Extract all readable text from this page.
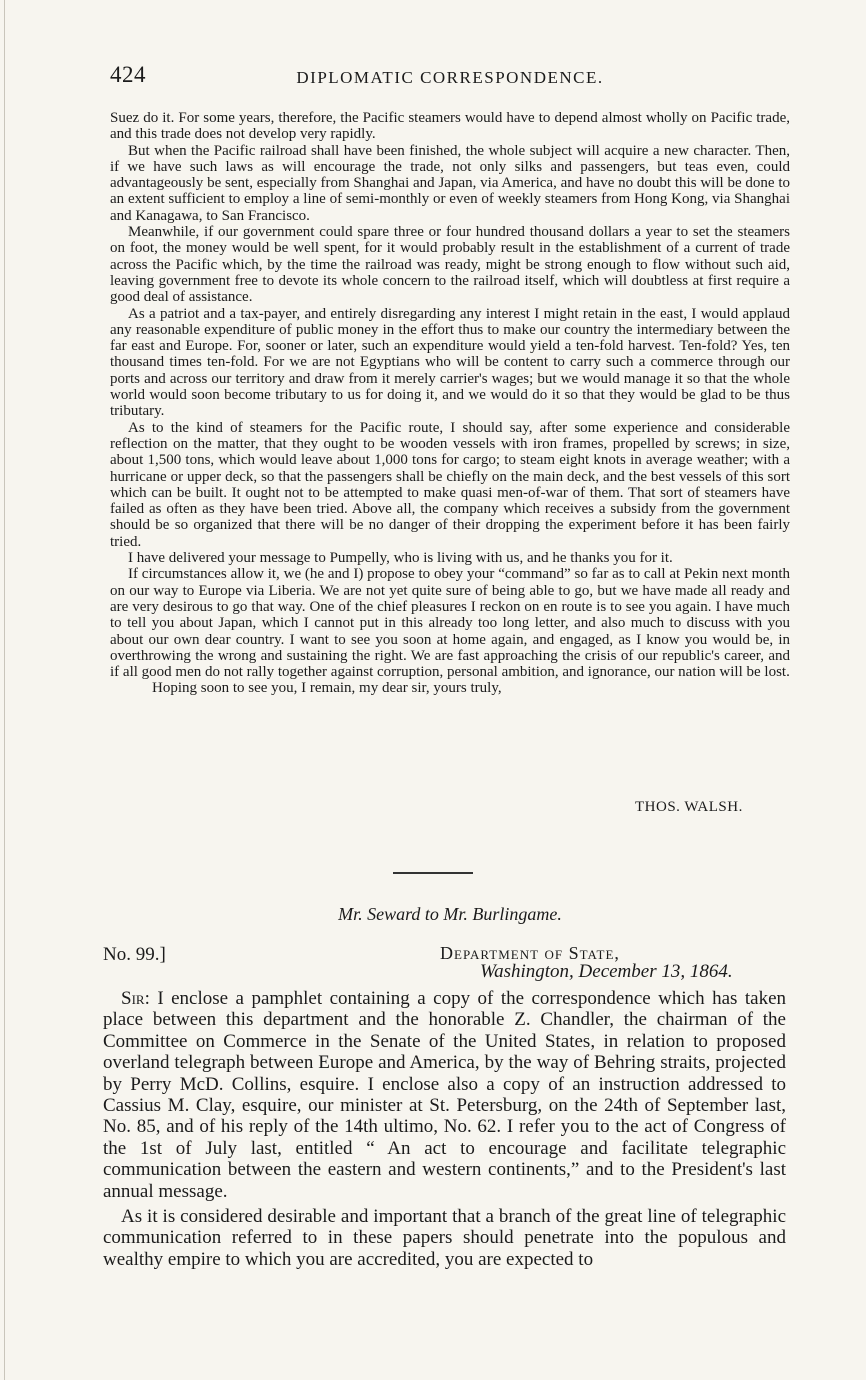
424	DIPLOMATIC CORRESPONDENCE.

Suez do it. For some years, therefore, the Pacific steamers would have to depend almost wholly on Pacific trade, and this trade does not develop very rapidly.

But when the Pacific railroad shall have been finished, the whole subject will acquire a new character. Then, if we have such laws as will encourage the trade, not only silks and passengers, but teas even, could advantageously be sent, especially from Shanghai and Japan, via America, and have no doubt this will be done to an extent sufficient to employ a line of semi-monthly or even of weekly steamers from Hong Kong, via Shanghai and Kanagawa, to San Francisco.

Meanwhile, if our government could spare three or four hundred thousand dollars a year to set the steamers on foot, the money would be well spent, for it would probably result in the establishment of a current of trade across the Pacific which, by the time the railroad was ready, might be strong enough to flow without such aid, leaving government free to devote its whole concern to the railroad itself, which will doubtless at first require a good deal of assistance.

As a patriot and a tax-payer, and entirely disregarding any interest I might retain in the east, I would applaud any reasonable expenditure of public money in the effort thus to make our country the intermediary between the far east and Europe. For, sooner or later, such an expenditure would yield a ten-fold harvest. Ten-fold? Yes, ten thousand times ten-fold. For we are not Egyptians who will be content to carry such a commerce through our ports and across our territory and draw from it merely carrier's wages; but we would manage it so that the whole world would soon become tributary to us for doing it, and we would do it so that they would be glad to be thus tributary.

As to the kind of steamers for the Pacific route, I should say, after some experience and considerable reflection on the matter, that they ought to be wooden vessels with iron frames, propelled by screws; in size, about 1,500 tons, which would leave about 1,000 tons for cargo; to steam eight knots in average weather; with a hurricane or upper deck, so that the passengers shall be chiefly on the main deck, and the best vessels of this sort which can be built. It ought not to be attempted to make quasi men-of-war of them. That sort of steamers have failed as often as they have been tried. Above all, the company which receives a subsidy from the government should be so organized that there will be no danger of their dropping the experiment before it has been fairly tried.

I have delivered your message to Pumpelly, who is living with us, and he thanks you for it.

If circumstances allow it, we (he and I) propose to obey your “command” so far as to call at Pekin next month on our way to Europe via Liberia. We are not yet quite sure of being able to go, but we have made all ready and are very desirous to go that way. One of the chief pleasures I reckon on en route is to see you again. I have much to tell you about Japan, which I cannot put in this already too long letter, and also much to discuss with you about our own dear country. I want to see you soon at home again, and engaged, as I know you would be, in overthrowing the wrong and sustaining the right. We are fast approaching the crisis of our republic's career, and if all good men do not rally together against corruption, personal ambition, and ignorance, our nation will be lost.

Hoping soon to see you, I remain, my dear sir, yours truly,

THOS. WALSH.
Mr. Seward to Mr. Burlingame.
No. 99.]	Department of State,
Washington, December 13, 1864.

Sir: I enclose a pamphlet containing a copy of the correspondence which has taken place between this department and the honorable Z. Chandler, the chairman of the Committee on Commerce in the Senate of the United States, in relation to proposed overland telegraph between Europe and America, by the way of Behring straits, projected by Perry McD. Collins, esquire. I enclose also a copy of an instruction addressed to Cassius M. Clay, esquire, our minister at St. Petersburg, on the 24th of September last, No. 85, and of his reply of the 14th ultimo, No. 62. I refer you to the act of Congress of the 1st of July last, entitled “ An act to encourage and facilitate telegraphic communication between the eastern and western continents,” and to the President's last annual message.

As it is considered desirable and important that a branch of the great line of telegraphic communication referred to in these papers should penetrate into the populous and wealthy empire to which you are accredited, you are expected to
